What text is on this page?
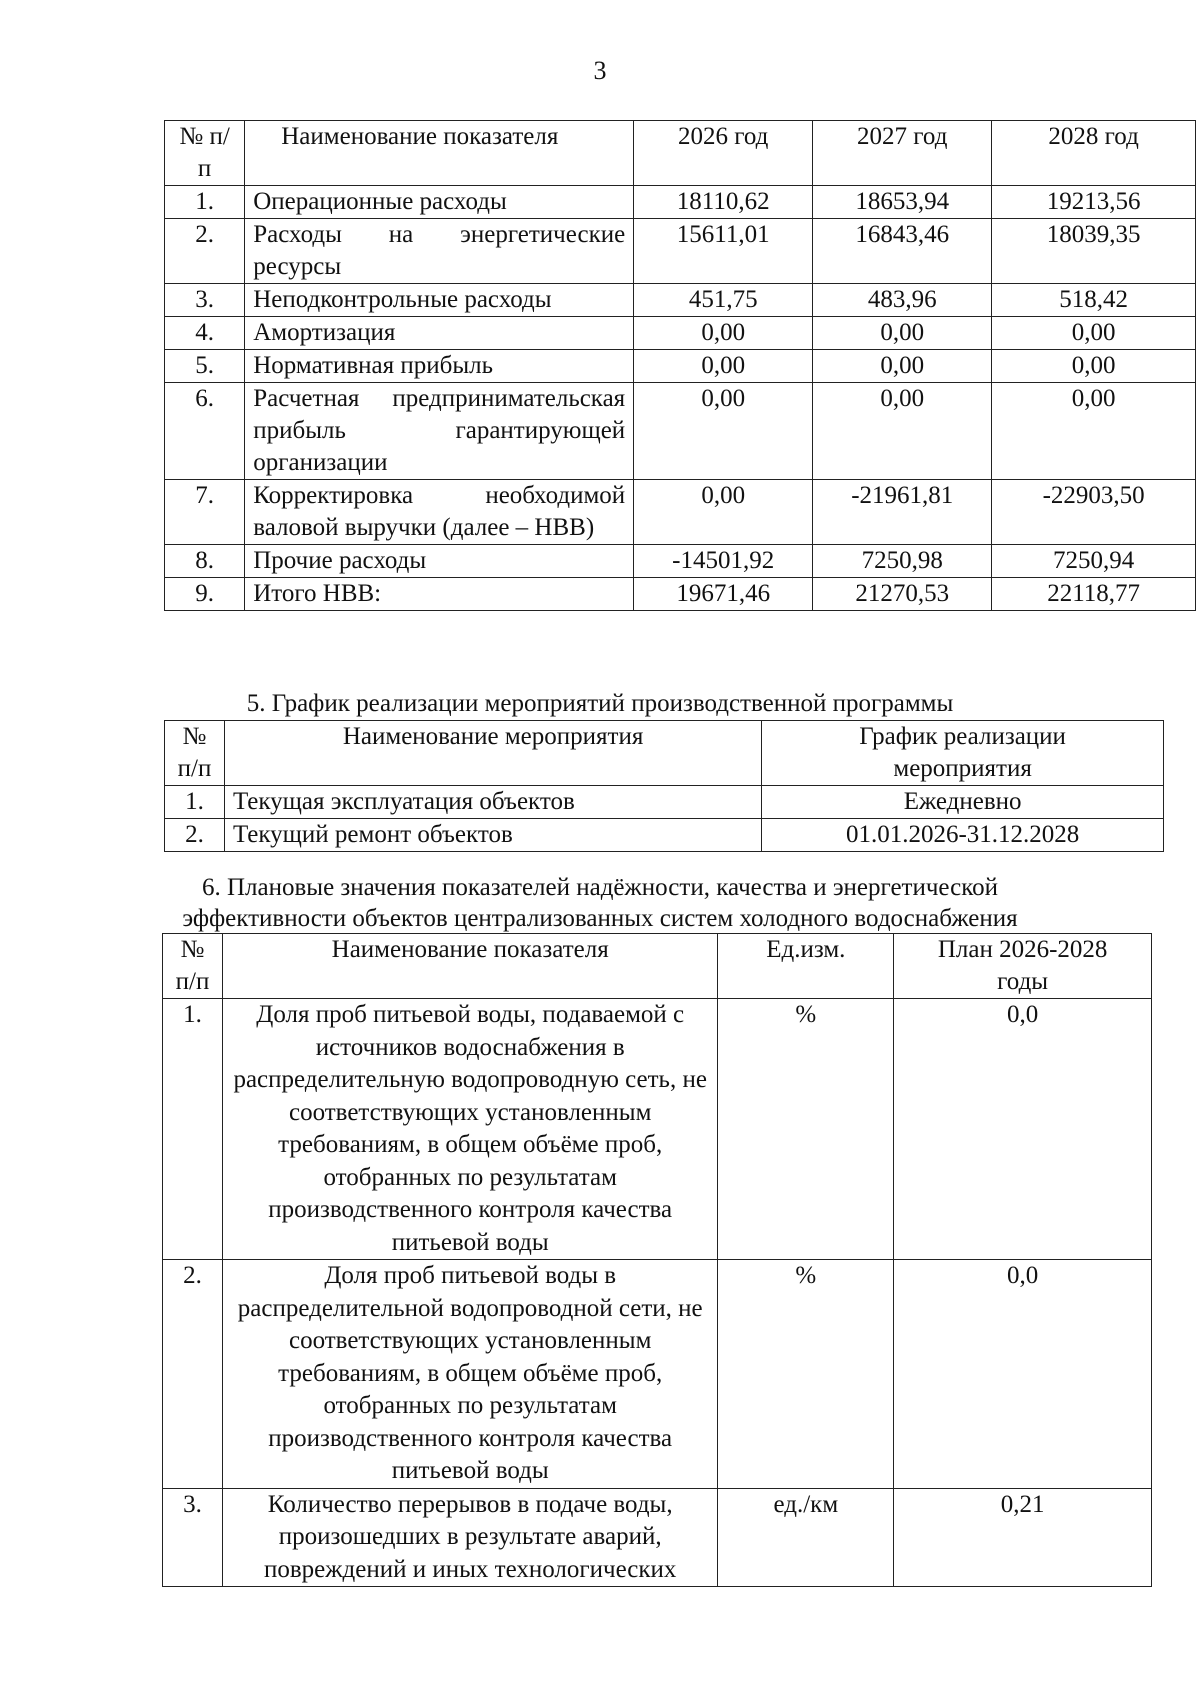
3
№ п/п	Наименование показателя	2026 год	2027 год	2028 год
1.	Операционные расходы	18110,62	18653,94	19213,56
2.	Расходы на энергетические ресурсы	15611,01	16843,46	18039,35
3.	Неподконтрольные расходы	451,75	483,96	518,42
4.	Амортизация	0,00	0,00	0,00
5.	Нормативная прибыль	0,00	0,00	0,00
6.	Расчетная предпринимательская прибыль гарантирующей организации	0,00	0,00	0,00
7.	Корректировка необходимой валовой выручки (далее – НВВ)	0,00	-21961,81	-22903,50
8.	Прочие расходы	-14501,92	7250,98	7250,94
9.	Итого НВВ:	19671,46	21270,53	22118,77
5. График реализации мероприятий производственной программы
№ п/п	Наименование мероприятия	График реализации мероприятия
1.	Текущая эксплуатация объектов	Ежедневно
2.	Текущий ремонт объектов	01.01.2026-31.12.2028
6. Плановые значения показателей надёжности, качества и энергетической
эффективности объектов централизованных систем холодного водоснабжения
№ п/п	Наименование показателя	Ед.изм.	План 2026-2028 годы
1.	Доля проб питьевой воды, подаваемой с источников водоснабжения в распределительную водопроводную сеть, не соответствующих установленным требованиям, в общем объёме проб, отобранных по результатам производственного контроля качества питьевой воды	%	0,0
2.	Доля проб питьевой воды в распределительной водопроводной сети, не соответствующих установленным требованиям, в общем объёме проб, отобранных по результатам производственного контроля качества питьевой воды	%	0,0
3.	Количество перерывов в подаче воды, произошедших в результате аварий, повреждений и иных технологических	ед./км	0,21
